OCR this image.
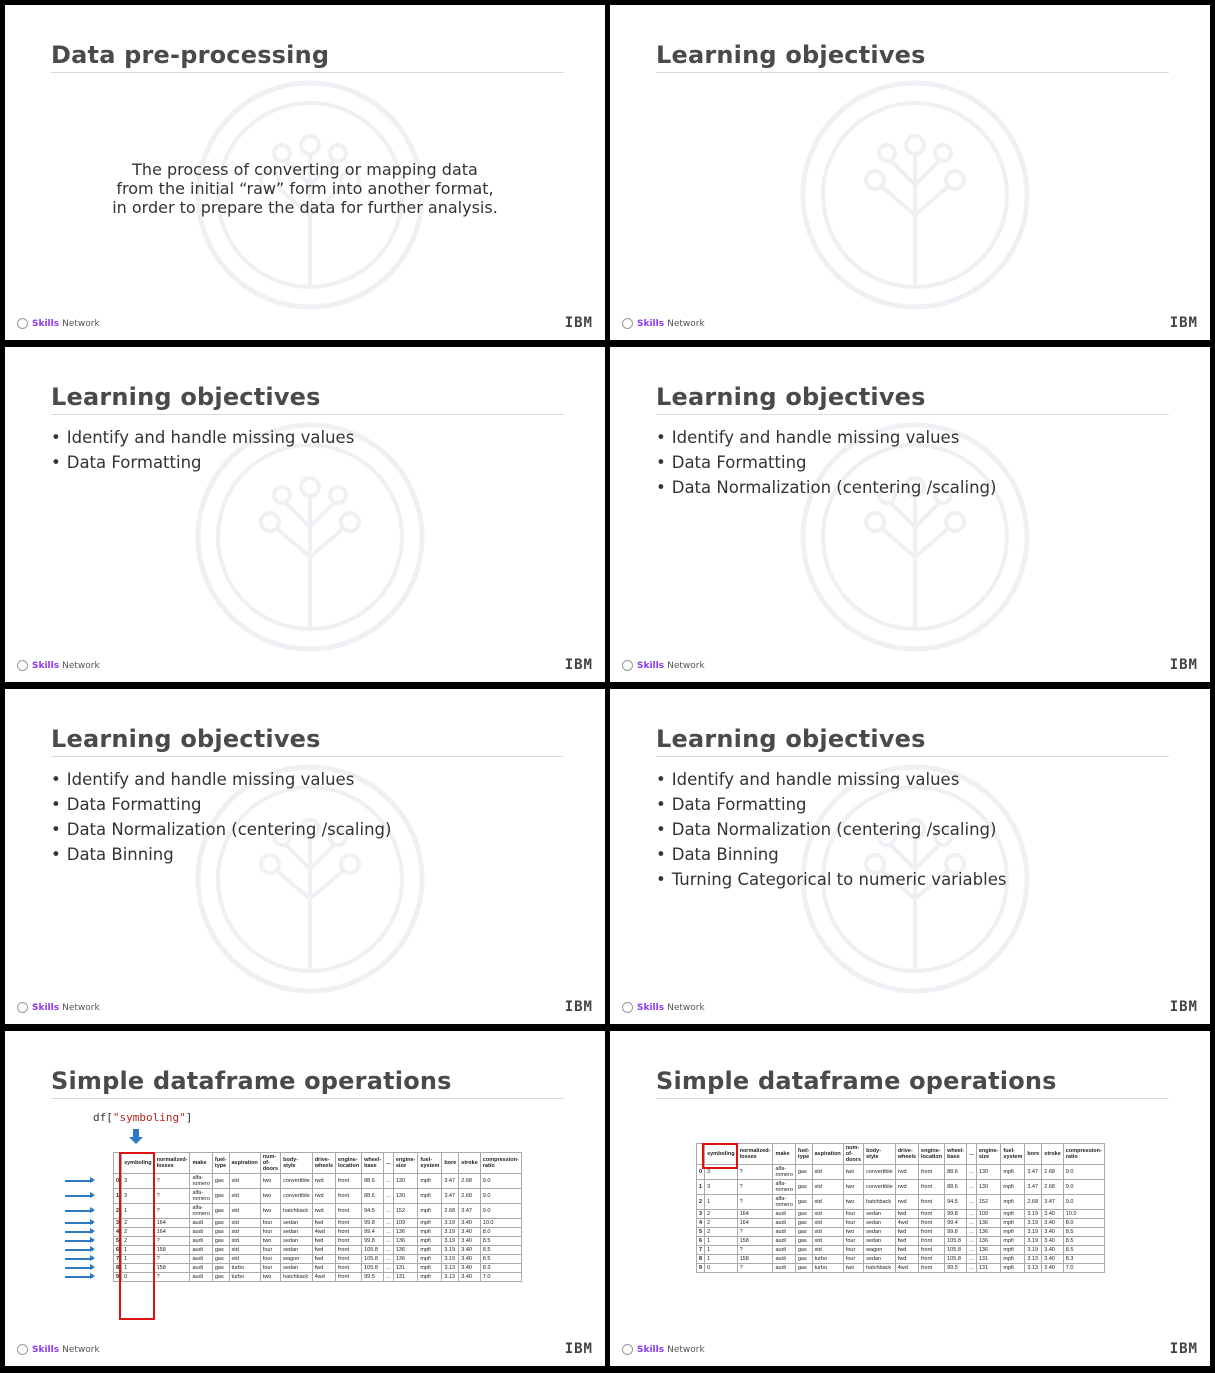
Data pre-processing
The process of converting or mapping data
from the initial “raw” form into another format,
in order to prepare the data for further analysis.
Skills Network	IBM
Learning objectives
Skills Network	IBM
Learning objectives
• Identify and handle missing values
• Data Formatting
Skills Network	IBM
Learning objectives
• Identify and handle missing values
• Data Formatting
• Data Normalization (centering /scaling)
Skills Network	IBM
Learning objectives
• Identify and handle missing values
• Data Formatting
• Data Normalization (centering /scaling)
• Data Binning
Skills Network	IBM
Learning objectives
• Identify and handle missing values
• Data Formatting
• Data Normalization (centering /scaling)
• Data Binning
• Turning Categorical to numeric variables
Skills Network	IBM
Simple dataframe operations
df["symboling"]
	symboling	normalized-losses	make	fuel-type	aspiration	num-of-doors	body-style	drive-wheels	engine-location	wheel-base	...	engine-size	fuel-system	bore	stroke	compression-ratio
0	3	?	alfa-romero	gas	std	two	convertible	rwd	front	88.6	...	130	mpfi	3.47	2.68	9.0
1	3	?	alfa-romero	gas	std	two	convertible	rwd	front	88.6	...	130	mpfi	3.47	2.68	9.0
2	1	?	alfa-romero	gas	std	two	hatchback	rwd	front	94.5	...	152	mpfi	2.68	3.47	9.0
3	2	164	audi	gas	std	four	sedan	fwd	front	99.8	...	109	mpfi	3.19	3.40	10.0
4	2	164	audi	gas	std	four	sedan	4wd	front	99.4	...	136	mpfi	3.19	3.40	8.0
5	2	?	audi	gas	std	two	sedan	fwd	front	99.8	...	136	mpfi	3.19	3.40	8.5
6	1	158	audi	gas	std	four	sedan	fwd	front	105.8	...	136	mpfi	3.19	3.40	8.5
7	1	?	audi	gas	std	four	wagon	fwd	front	105.8	...	136	mpfi	3.19	3.40	8.5
8	1	158	audi	gas	turbo	four	sedan	fwd	front	105.8	...	131	mpfi	3.13	3.40	8.3
9	0	?	audi	gas	turbo	two	hatchback	4wd	front	99.5	...	131	mpfi	3.13	3.40	7.0
Skills Network	IBM
Simple dataframe operations
	symboling	normalized-losses	make	fuel-type	aspiration	num-of-doors	body-style	drive-wheels	engine-location	wheel-base	...	engine-size	fuel-system	bore	stroke	compression-ratio
0	3	?	alfa-romero	gas	std	two	convertible	rwd	front	88.6	...	130	mpfi	3.47	2.68	9.0
1	3	?	alfa-romero	gas	std	two	convertible	rwd	front	88.6	...	130	mpfi	3.47	2.68	9.0
2	1	?	alfa-romero	gas	std	two	hatchback	rwd	front	94.5	...	152	mpfi	2.68	3.47	9.0
3	2	164	audi	gas	std	four	sedan	fwd	front	99.8	...	109	mpfi	3.19	3.40	10.0
4	2	164	audi	gas	std	four	sedan	4wd	front	99.4	...	136	mpfi	3.19	3.40	8.0
5	2	?	audi	gas	std	two	sedan	fwd	front	99.8	...	136	mpfi	3.19	3.40	8.5
6	1	158	audi	gas	std	four	sedan	fwd	front	105.8	...	136	mpfi	3.19	3.40	8.5
7	1	?	audi	gas	std	four	wagon	fwd	front	105.8	...	136	mpfi	3.19	3.40	8.5
8	1	158	audi	gas	turbo	four	sedan	fwd	front	105.8	...	131	mpfi	3.13	3.40	8.3
9	0	?	audi	gas	turbo	two	hatchback	4wd	front	99.5	...	131	mpfi	3.13	3.40	7.0
Skills Network	IBM
